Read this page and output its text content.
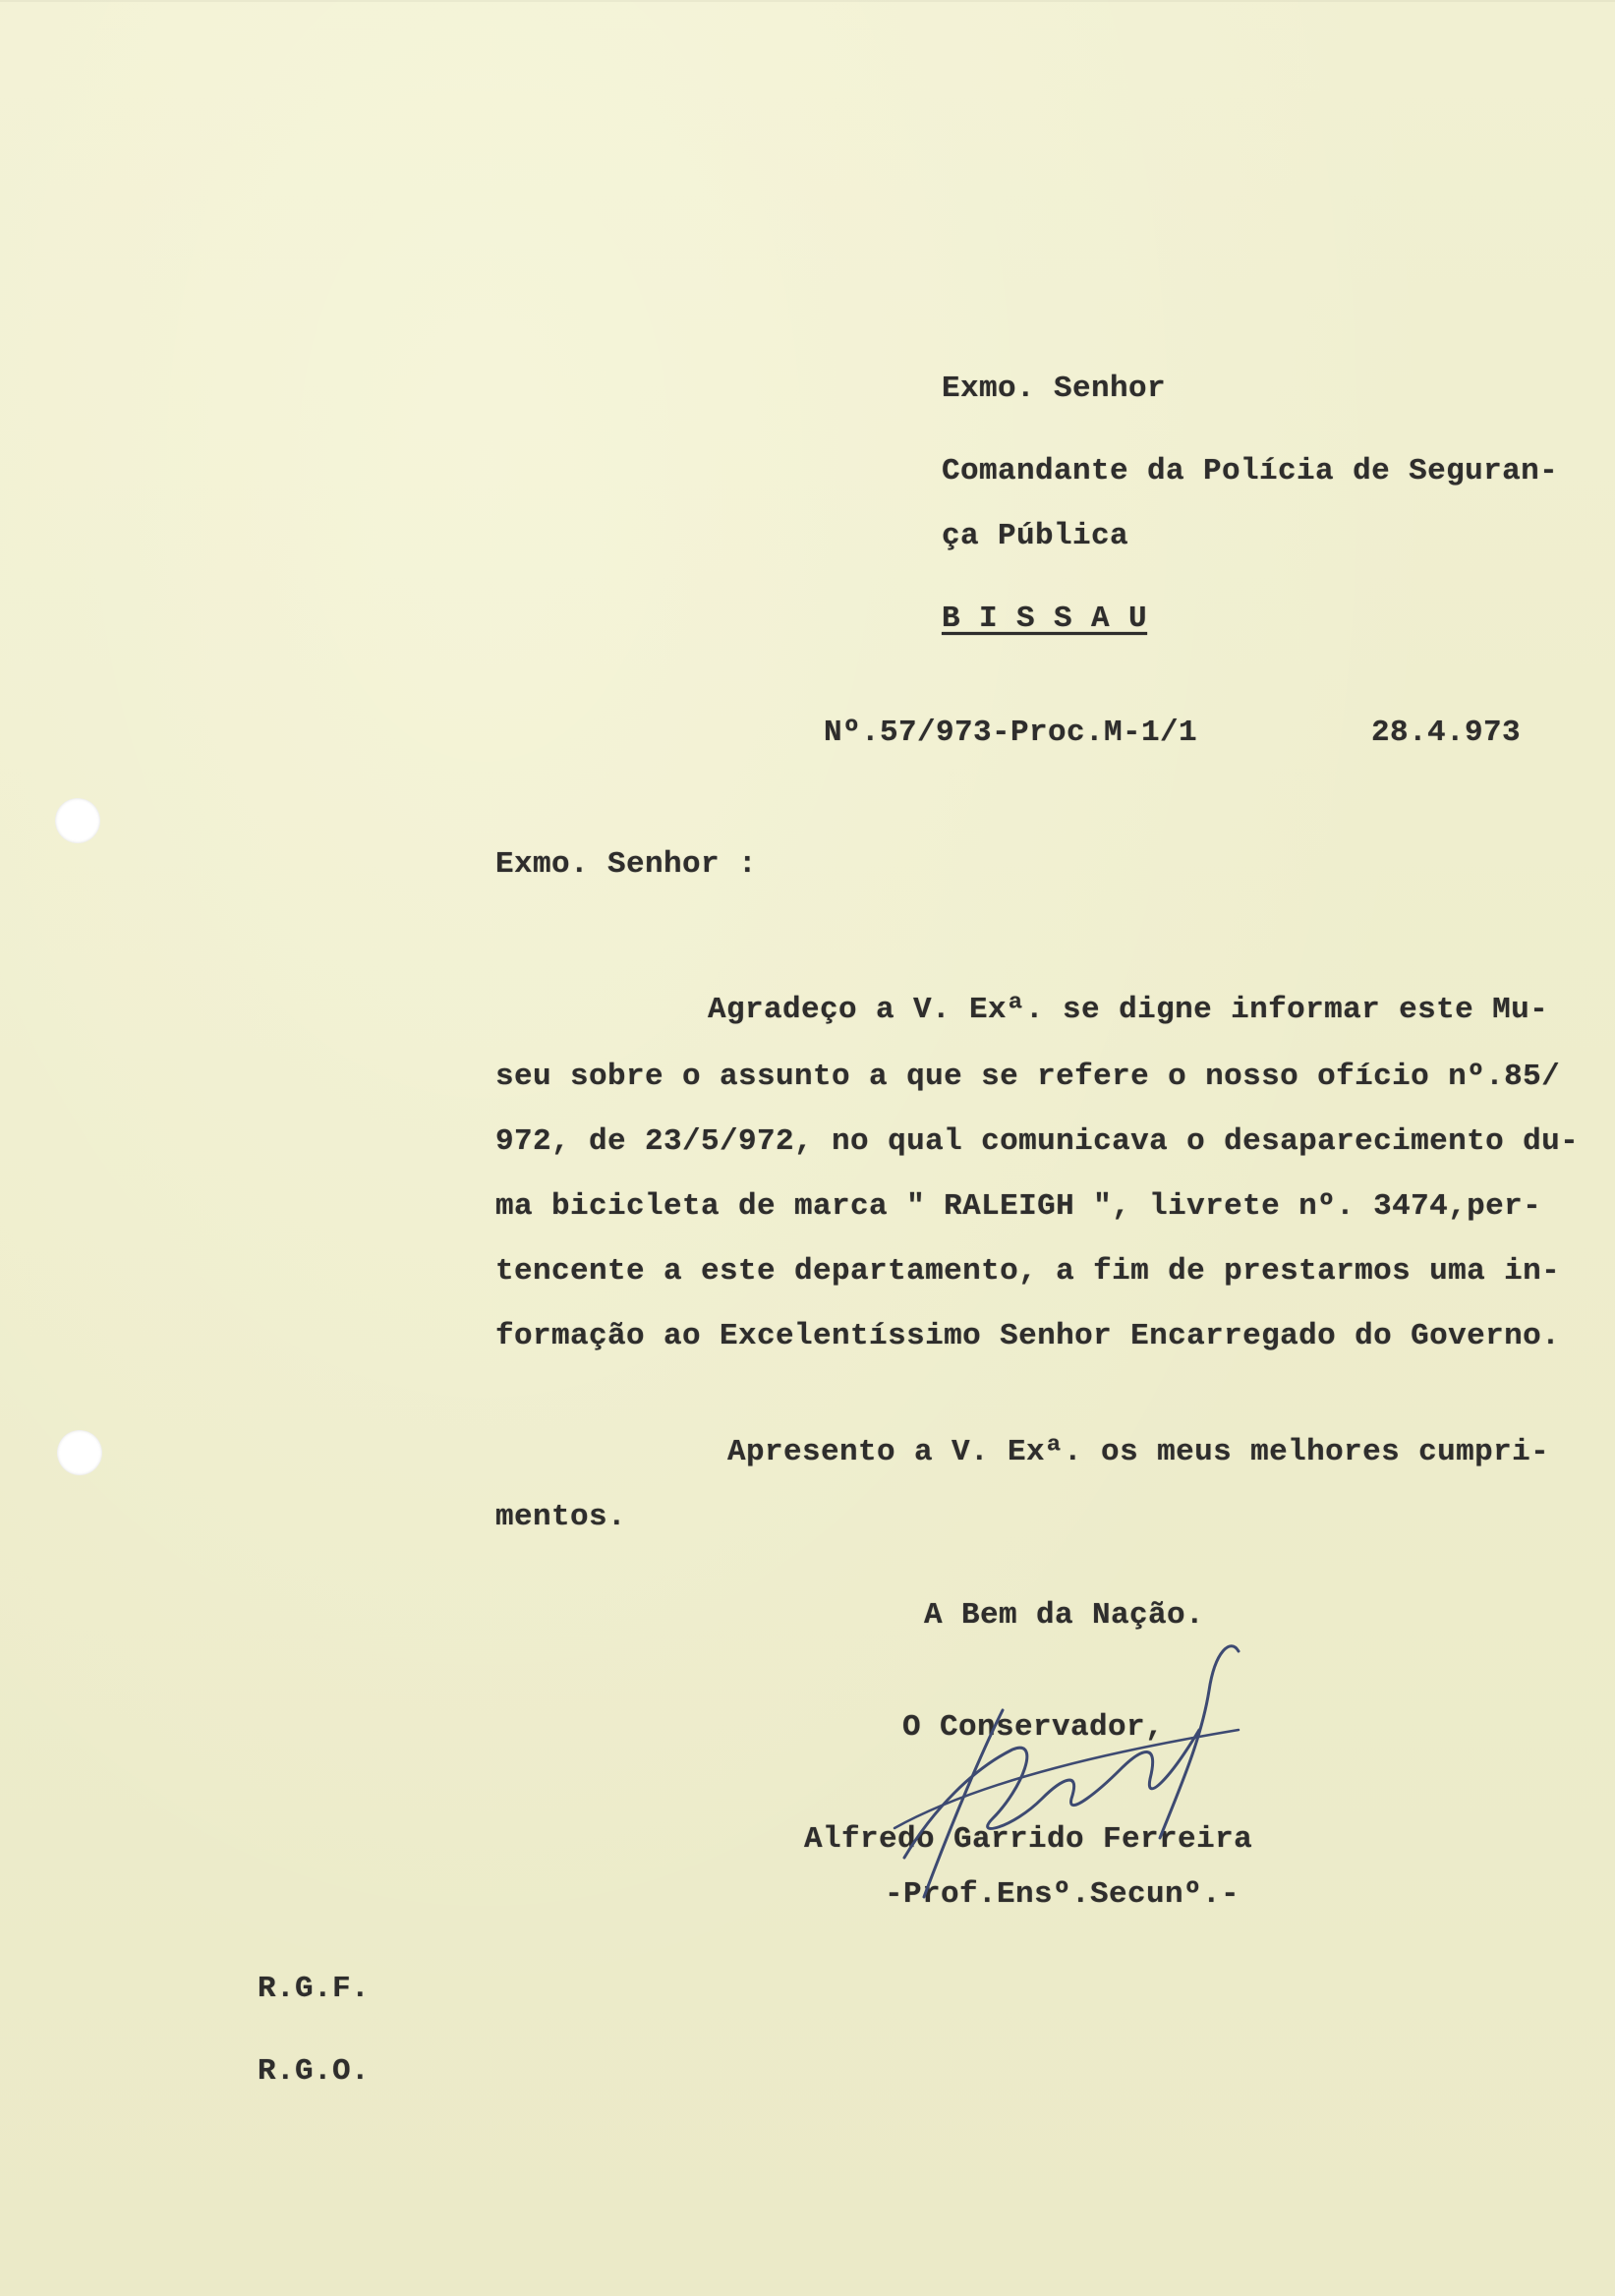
Exmo. Senhor
Comandante da Polícia de Seguran-
ça Pública
B I S S A U
Nº.57/973-Proc.M-1/1	28.4.973
Exmo. Senhor :
Agradeço a V. Exª. se digne informar este Mu-
seu sobre o assunto a que se refere o nosso ofício nº.85/
972, de 23/5/972, no qual comunicava o desaparecimento du-
ma bicicleta de marca " RALEIGH ", livrete nº. 3474,per-
tencente a este departamento, a fim de prestarmos uma in-
formação ao Excelentíssimo Senhor Encarregado do Governo.
Apresento a V. Exª. os meus melhores cumpri-
mentos.
A Bem da Nação.
O Conservador,
Alfredo Garrido Ferreira
-Prof.Ensº.Secunº.-
R.G.F.
R.G.O.
